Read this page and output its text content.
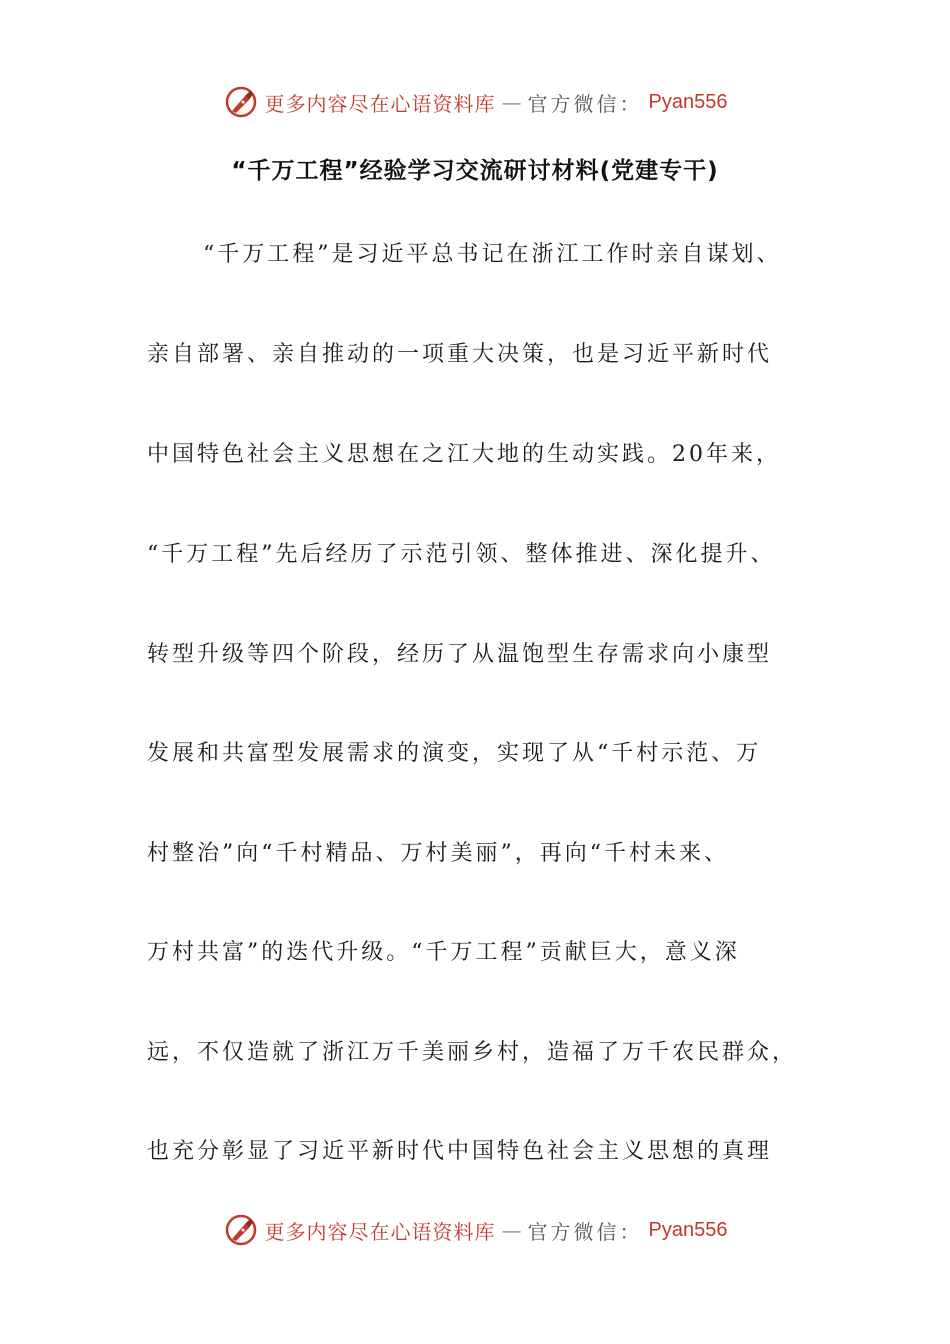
更多内容尽在心语资料库 — 官方微信： Pyan556
“千万工程”经验学习交流研讨材料(党建专干)
“千万工程”是习近平总书记在浙江工作时亲自谋划、
亲自部署、亲自推动的一项重大决策，也是习近平新时代
中国特色社会主义思想在之江大地的生动实践。20年来，
“千万工程”先后经历了示范引领、整体推进、深化提升、
转型升级等四个阶段，经历了从温饱型生存需求向小康型
发展和共富型发展需求的演变，实现了从“千村示范、万
村整治”向“千村精品、万村美丽”，再向“千村未来、
万村共富”的迭代升级。“千万工程”贡献巨大，意义深
远，不仅造就了浙江万千美丽乡村，造福了万千农民群众，
也充分彰显了习近平新时代中国特色社会主义思想的真理
更多内容尽在心语资料库 — 官方微信： Pyan556
